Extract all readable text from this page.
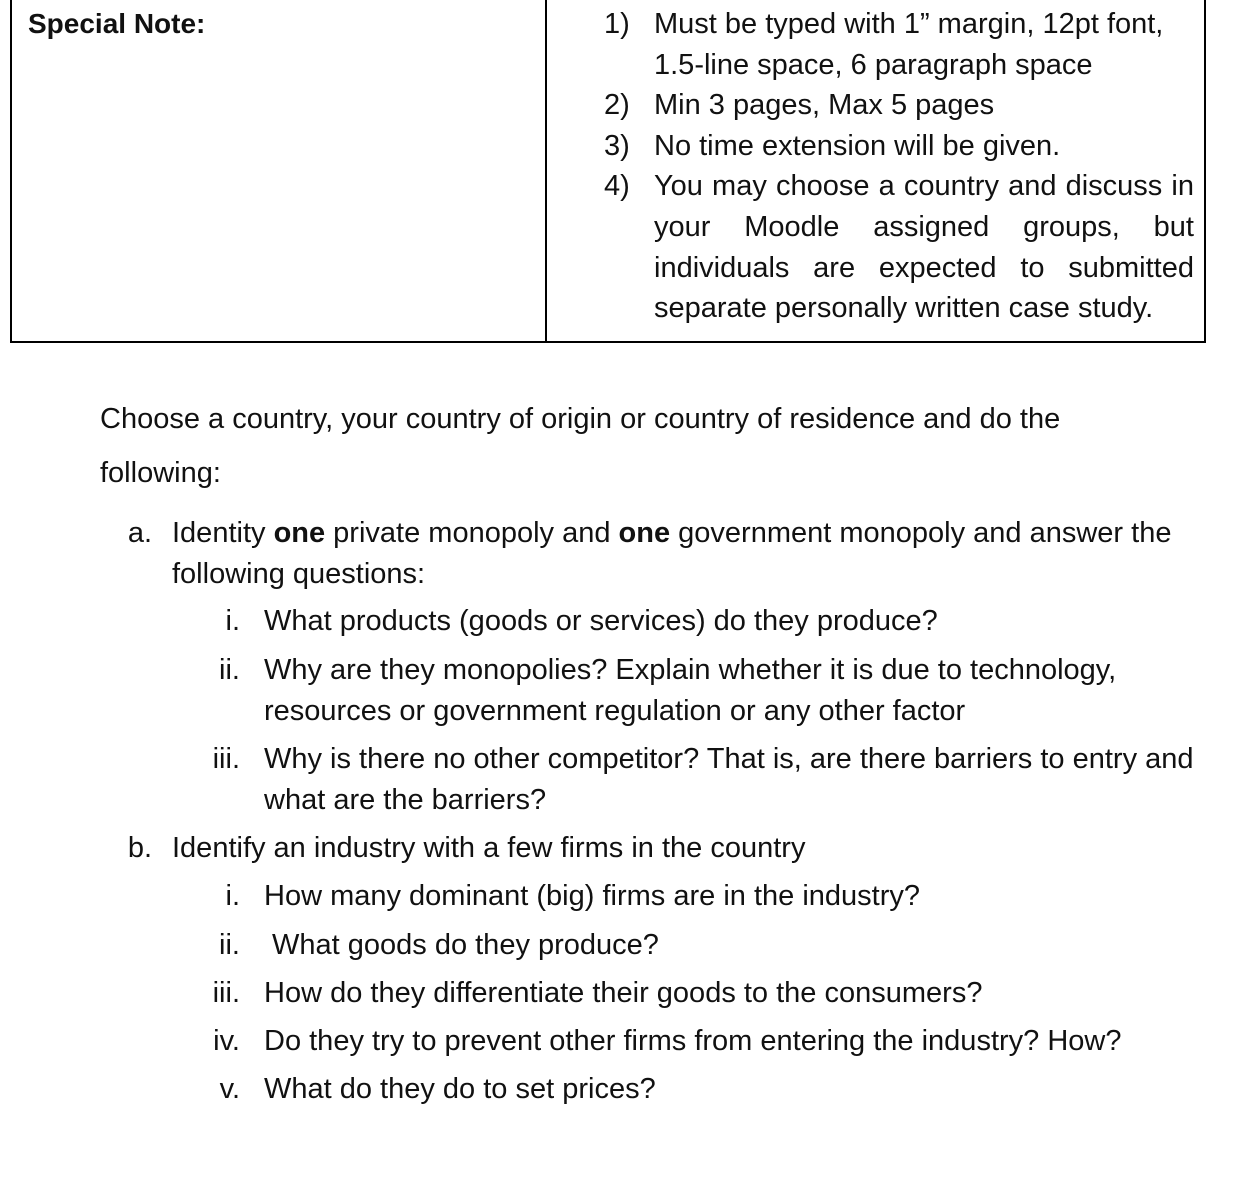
Special Note:	1) Must be typed with 1” margin, 12pt font, 1.5-line space, 6 paragraph space
2) Min 3 pages, Max 5 pages
3) No time extension will be given.
4) You may choose a country and discuss in your Moodle assigned groups, but individuals are expected to submitted separate personally written case study.
Choose a country, your country of origin or country of residence and do the following:
a. Identity one private monopoly and one government monopoly and answer the following questions:
i. What products (goods or services) do they produce?
ii. Why are they monopolies? Explain whether it is due to technology, resources or government regulation or any other factor
iii. Why is there no other competitor? That is, are there barriers to entry and what are the barriers?
b. Identify an industry with a few firms in the country
i. How many dominant (big) firms are in the industry?
ii. What goods do they produce?
iii. How do they differentiate their goods to the consumers?
iv. Do they try to prevent other firms from entering the industry? How?
v. What do they do to set prices?
